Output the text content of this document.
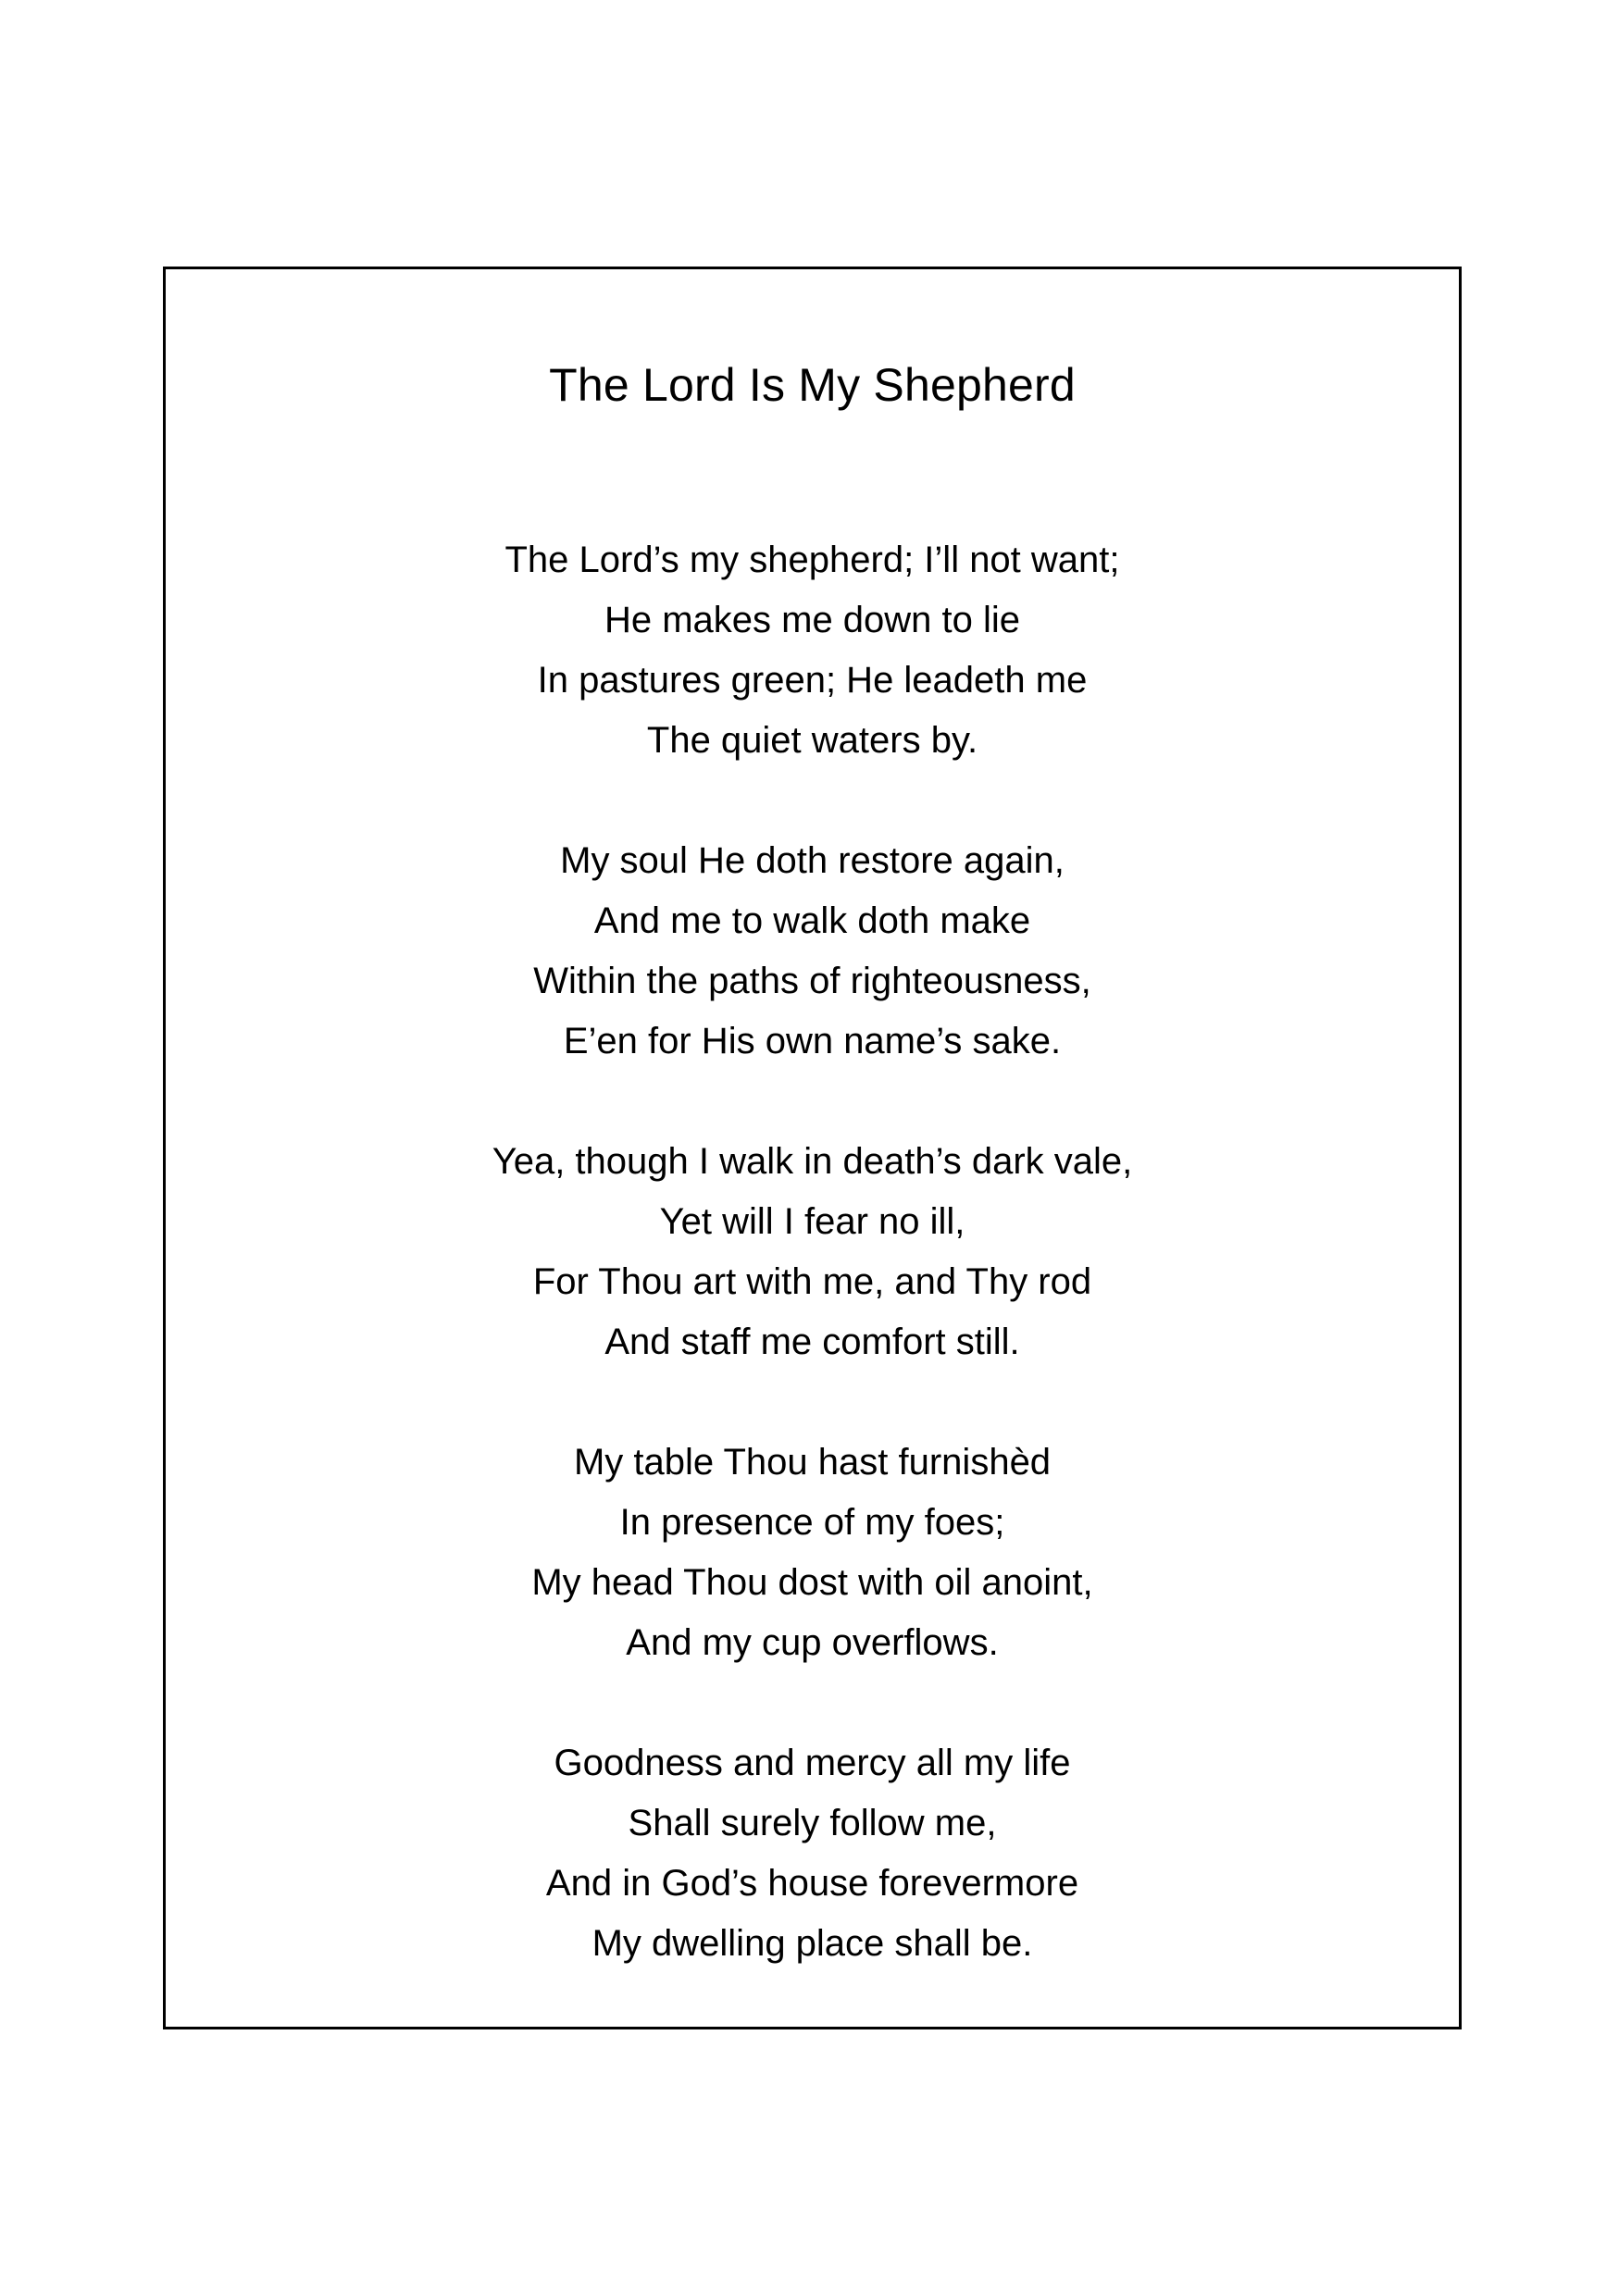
The Lord Is My Shepherd
The Lord’s my shepherd; I’ll not want;
He makes me down to lie
In pastures green; He leadeth me
The quiet waters by.
My soul He doth restore again,
And me to walk doth make
Within the paths of righteousness,
E’en for His own name’s sake.
Yea, though I walk in death’s dark vale,
Yet will I fear no ill,
For Thou art with me, and Thy rod
And staff me comfort still.
My table Thou hast furnishèd
In presence of my foes;
My head Thou dost with oil anoint,
And my cup overflows.
Goodness and mercy all my life
Shall surely follow me,
And in God’s house forevermore
My dwelling place shall be.
